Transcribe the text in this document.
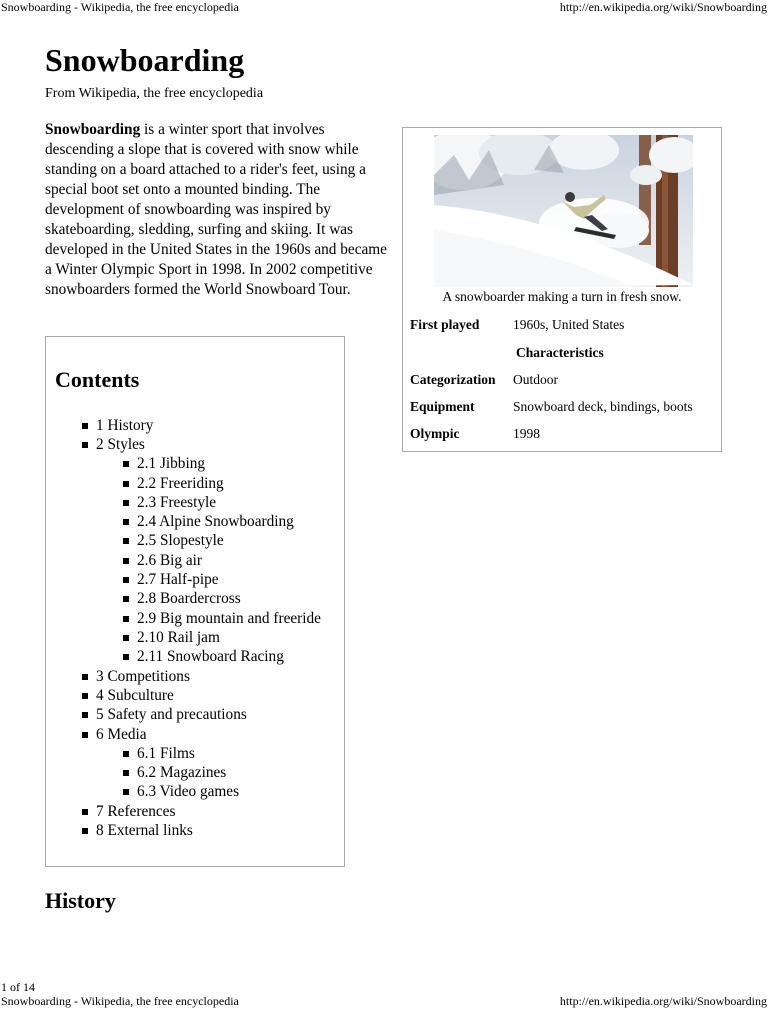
Snowboarding - Wikipedia, the free encyclopedia	http://en.wikipedia.org/wiki/Snowboarding
Snowboarding
From Wikipedia, the free encyclopedia

Snowboarding is a winter sport that involves descending a slope that is covered with snow while standing on a board attached to a rider's feet, using a special boot set onto a mounted binding. The development of snowboarding was inspired by skateboarding, sledding, surfing and skiing. It was developed in the United States in the 1960s and became a Winter Olympic Sport in 1998. In 2002 competitive snowboarders formed the World Snowboard Tour.	A snowboarder making a turn in fresh snow.
First played 1960s, United States
Characteristics
Categorization Outdoor
Equipment	Snowboard deck, bindings, boots
Olympic	1998
Contents
1 History
2 Styles
2.1 Jibbing
2.2 Freeriding
2.3 Freestyle
2.4 Alpine Snowboarding
2.5 Slopestyle
2.6 Big air
2.7 Half-pipe
2.8 Boardercross
2.9 Big mountain and freeride
2.10 Rail jam
2.11 Snowboard Racing
3 Competitions
4 Subculture
5 Safety and precautions
6 Media
6.1 Films
6.2 Magazines
6.3 Video games
7 References
8 External links
History
1 of 14
Snowboarding - Wikipedia, the free encyclopedia	http://en.wikipedia.org/wiki/Snowboarding
